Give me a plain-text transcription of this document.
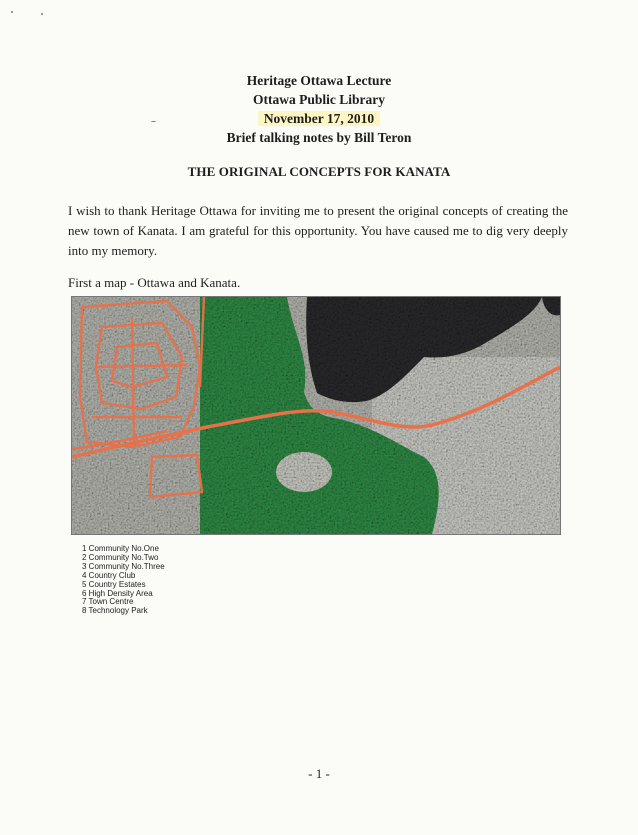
Heritage Ottawa Lecture
Ottawa Public Library
November 17, 2010
Brief talking notes by Bill Teron
THE ORIGINAL CONCEPTS FOR KANATA
I wish to thank Heritage Ottawa for inviting me to present the original concepts of creating the new town of Kanata. I am grateful for this opportunity. You have caused me to dig very deeply into my memory.
First a map - Ottawa and Kanata.
1 Community No.One
2 Community No.Two
3 Community No.Three
4 Country Club
5 Country Estates
6 High Density Area
7 Town Centre
8 Technology Park
- 1 -
